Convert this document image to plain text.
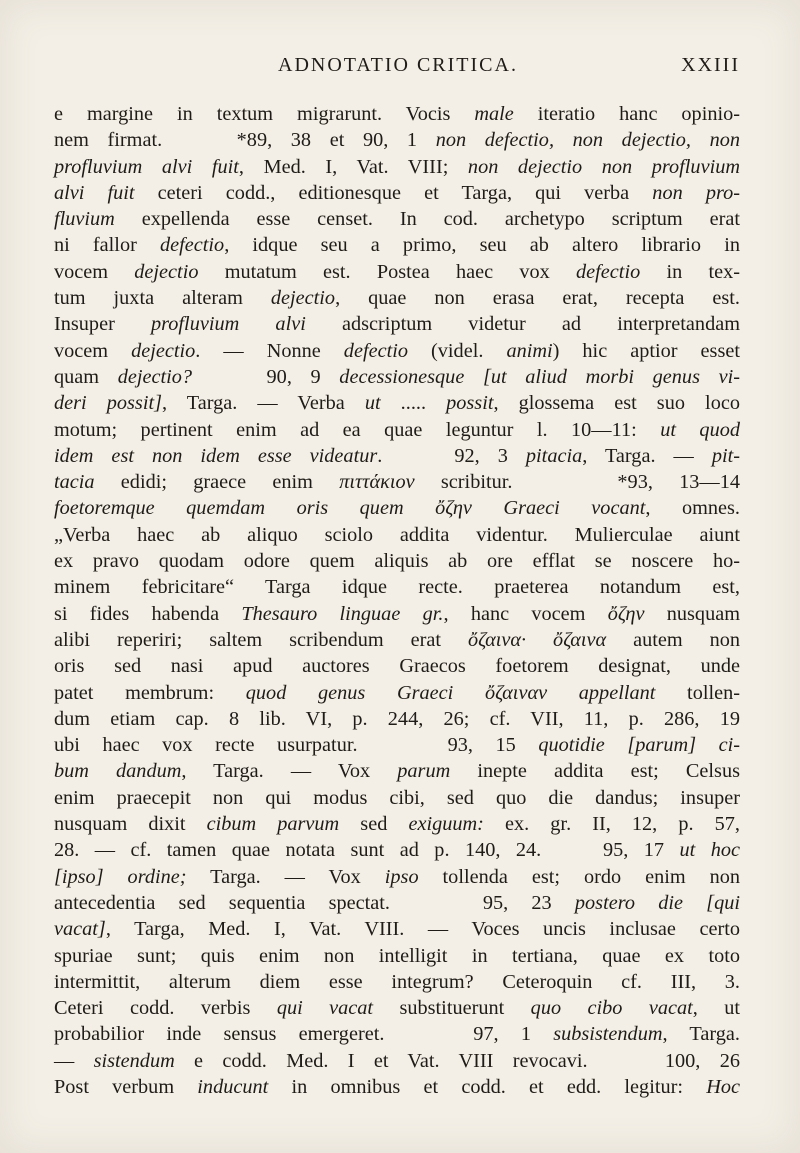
ADNOTATIO CRITICA.	XXIII
e margine in textum migrarunt. Vocis male iteratio hanc opinio-
nem firmat.    *89, 38 et 90, 1 non defectio, non dejectio, non
profluvium alvi fuit, Med. I, Vat. VIII; non dejectio non profluvium
alvi fuit ceteri codd., editionesque et Targa, qui verba non pro-
fluvium expellenda esse censet. In cod. archetypo scriptum erat
ni fallor defectio, idque seu a primo, seu ab altero librario in
vocem dejectio mutatum est. Postea haec vox defectio in tex-
tum juxta alteram dejectio, quae non erasa erat, recepta est.
Insuper profluvium alvi adscriptum videtur ad interpretandam
vocem dejectio. — Nonne defectio (videl. animi) hic aptior esset
quam dejectio?    90, 9 decessionesque [ut aliud morbi genus vi-
deri possit], Targa. — Verba ut ..... possit, glossema est suo loco
motum; pertinent enim ad ea quae leguntur l. 10—11: ut quod
idem est non idem esse videatur.    92, 3 pitacia, Targa. — pit-
tacia edidi; graece enim πιττάκιον scribitur.    *93, 13—14
foetoremque quemdam oris quem ὄζην Graeci vocant, omnes.
„Verba haec ab aliquo sciolo addita videntur. Mulierculae aiunt
ex pravo quodam odore quem aliquis ab ore efflat se noscere ho-
minem febricitare“ Targa idque recte. praeterea notandum est,
si fides habenda Thesauro linguae gr., hanc vocem ὄζην nusquam
alibi reperiri; saltem scribendum erat ὄζαινα· ὄζαινα autem non
oris sed nasi apud auctores Graecos foetorem designat, unde
patet membrum: quod genus Graeci ὄζαιναν appellant tollen-
dum etiam cap. 8 lib. VI, p. 244, 26; cf. VII, 11, p. 286, 19
ubi haec vox recte usurpatur.    93, 15 quotidie [parum] ci-
bum dandum, Targa. — Vox parum inepte addita est; Celsus
enim praecepit non qui modus cibi, sed quo die dandus; insuper
nusquam dixit cibum parvum sed exiguum: ex. gr. II, 12, p. 57,
28. — cf. tamen quae notata sunt ad p. 140, 24.    95, 17 ut hoc
[ipso] ordine; Targa. — Vox ipso tollenda est; ordo enim non
antecedentia sed sequentia spectat.    95, 23 postero die [qui
vacat], Targa, Med. I, Vat. VIII. — Voces uncis inclusae certo
spuriae sunt; quis enim non intelligit in tertiana, quae ex toto
intermittit, alterum diem esse integrum? Ceteroquin cf. III, 3.
Ceteri codd. verbis qui vacat substituerunt quo cibo vacat, ut
probabilior inde sensus emergeret.    97, 1 subsistendum, Targa.
— sistendum e codd. Med. I et Vat. VIII revocavi.    100, 26
Post verbum inducunt in omnibus et codd. et edd. legitur: Hoc
